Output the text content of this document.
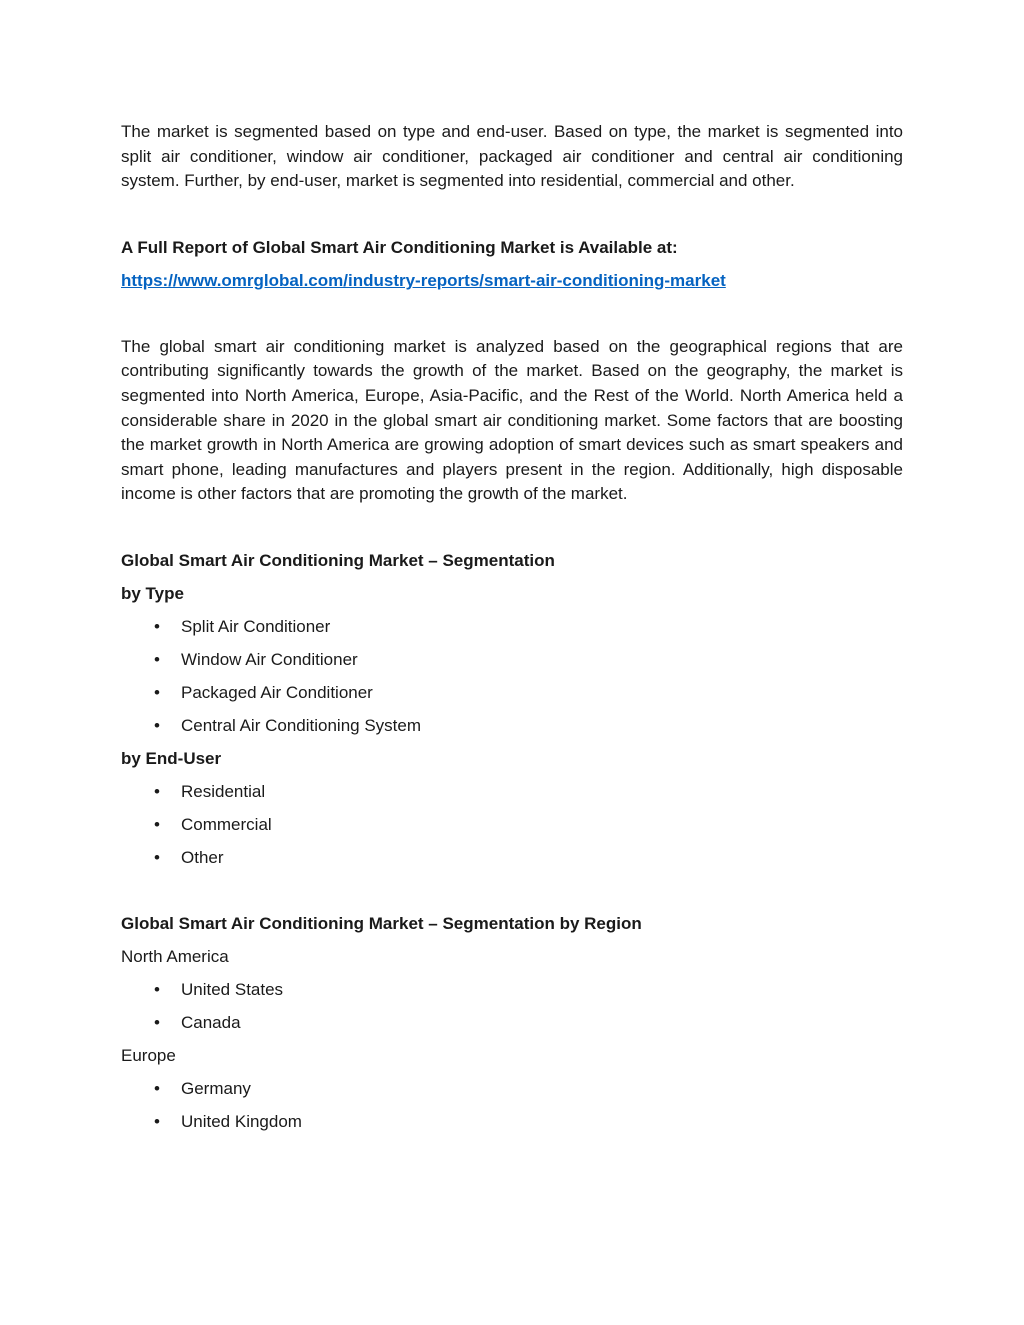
The market is segmented based on type and end-user. Based on type, the market is segmented into split air conditioner, window air conditioner, packaged air conditioner and central air conditioning system. Further, by end-user, market is segmented into residential, commercial and other.

A Full Report of Global Smart Air Conditioning Market is Available at:

https://www.omrglobal.com/industry-reports/smart-air-conditioning-market

The global smart air conditioning market is analyzed based on the geographical regions that are contributing significantly towards the growth of the market. Based on the geography, the market is segmented into North America, Europe, Asia-Pacific, and the Rest of the World. North America held a considerable share in 2020 in the global smart air conditioning market. Some factors that are boosting the market growth in North America are growing adoption of smart devices such as smart speakers and smart phone, leading manufactures and players present in the region. Additionally, high disposable income is other factors that are promoting the growth of the market.

Global Smart Air Conditioning Market – Segmentation

by Type

• Split Air Conditioner
• Window Air Conditioner
• Packaged Air Conditioner
• Central Air Conditioning System

by End-User

• Residential
• Commercial
• Other

Global Smart Air Conditioning Market – Segmentation by Region

North America

• United States
• Canada

Europe

• Germany
• United Kingdom
